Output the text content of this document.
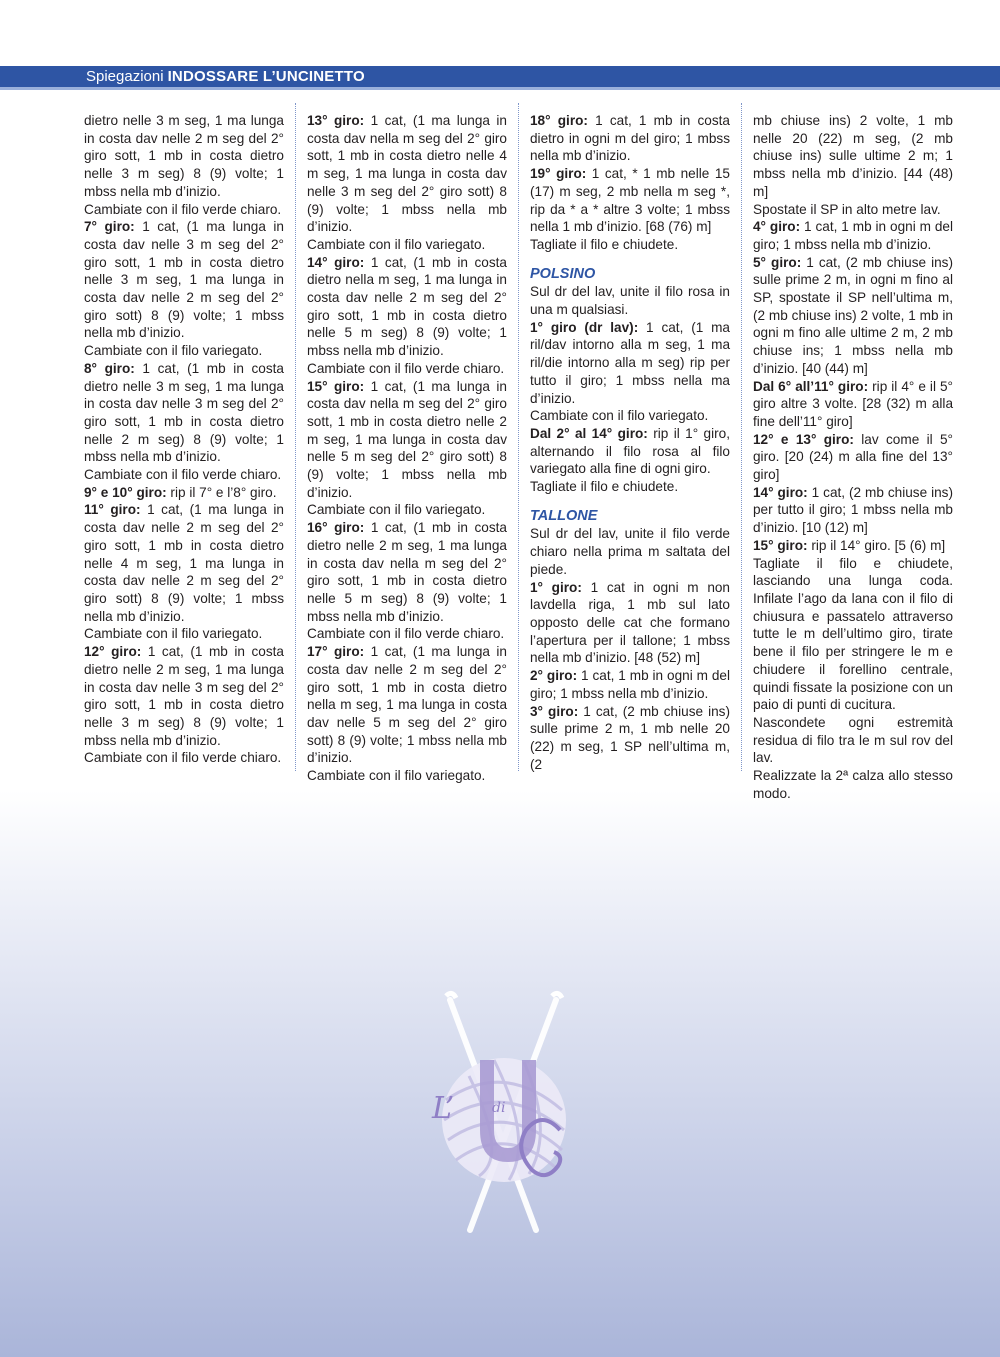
Spiegazioni INDOSSARE L’UNCINETTO

dietro nelle 3 m seg, 1 ma lunga in costa dav nelle 2 m seg del 2° giro sott, 1 mb in costa dietro nelle 3 m seg) 8 (9) volte; 1 mbss nella mb d’inizio.

Cambiate con il filo verde chiaro.

7° giro: 1 cat, (1 ma lunga in costa dav nelle 3 m seg del 2° giro sott, 1 mb in costa dietro nelle 3 m seg, 1 ma lunga in costa dav nelle 2 m seg del 2° giro sott) 8 (9) volte; 1 mbss nella mb d’inizio.

Cambiate con il filo variegato.

8° giro: 1 cat, (1 mb in costa dietro nelle 3 m seg, 1 ma lunga in costa dav nelle 3 m seg del 2° giro sott, 1 mb in costa dietro nelle 2 m seg) 8 (9) volte; 1 mbss nella mb d’inizio.

Cambiate con il filo verde chiaro.

9° e 10° giro: rip il 7° e l’8° giro.

11° giro: 1 cat, (1 ma lunga in costa dav nelle 2 m seg del 2° giro sott, 1 mb in costa dietro nelle 4 m seg, 1 ma lunga in costa dav nelle 2 m seg del 2° giro sott) 8 (9) volte; 1 mbss nella mb d’inizio.

Cambiate con il filo variegato.

12° giro: 1 cat, (1 mb in costa dietro nelle 2 m seg, 1 ma lunga in costa dav nelle 3 m seg del 2° giro sott, 1 mb in costa dietro nelle 3 m seg) 8 (9) volte; 1 mbss nella mb d’inizio.

Cambiate con il filo verde chiaro.

13° giro: 1 cat, (1 ma lunga in costa dav nella m seg del 2° giro sott, 1 mb in costa dietro nelle 4 m seg, 1 ma lunga in costa dav nelle 3 m seg del 2° giro sott) 8 (9) volte; 1 mbss nella mb d’inizio.

Cambiate con il filo variegato.

14° giro: 1 cat, (1 mb in costa dietro nella m seg, 1 ma lunga in costa dav nelle 2 m seg del 2° giro sott, 1 mb in costa dietro nelle 5 m seg) 8 (9) volte; 1 mbss nella mb d’inizio.

Cambiate con il filo verde chiaro.

15° giro: 1 cat, (1 ma lunga in costa dav nella m seg del 2° giro sott, 1 mb in costa dietro nelle 2 m seg, 1 ma lunga in costa dav nelle 5 m seg del 2° giro sott) 8 (9) volte; 1 mbss nella mb d’inizio.

Cambiate con il filo variegato.

16° giro: 1 cat, (1 mb in costa dietro nelle 2 m seg, 1 ma lunga in costa dav nella m seg del 2° giro sott, 1 mb in costa dietro nelle 5 m seg) 8 (9) volte; 1 mbss nella mb d’inizio.

Cambiate con il filo verde chiaro.

17° giro: 1 cat, (1 ma lunga in costa dav nelle 2 m seg del 2° giro sott, 1 mb in costa dietro nella m seg, 1 ma lunga in costa dav nelle 5 m seg del 2° giro sott) 8 (9) volte; 1 mbss nella mb d’inizio.

Cambiate con il filo variegato.

18° giro: 1 cat, 1 mb in costa dietro in ogni m del giro; 1 mbss nella mb d’inizio.

19° giro: 1 cat, * 1 mb nelle 15 (17) m seg, 2 mb nella m seg *, rip da * a * altre 3 volte; 1 mbss nella 1 mb d’inizio. [68 (76) m]

Tagliate il filo e chiudete.

POLSINO

Sul dr del lav, unite il filo rosa in una m qualsiasi.

1° giro (dr lav): 1 cat, (1 ma ril/dav intorno alla m seg, 1 ma ril/die intorno alla m seg) rip per tutto il giro; 1 mbss nella ma d’inizio.

Cambiate con il filo variegato.

Dal 2° al 14° giro: rip il 1° giro, alternando il filo rosa al filo variegato alla fine di ogni giro.

Tagliate il filo e chiudete.

TALLONE

Sul dr del lav, unite il filo verde chiaro nella prima m saltata del piede.

1° giro: 1 cat in ogni m non lavdella riga, 1 mb sul lato opposto delle cat che formano l’apertura per il tallone; 1 mbss nella mb d’inizio. [48 (52) m]

2° giro: 1 cat, 1 mb in ogni m del giro; 1 mbss nella mb d’inizio.

3° giro: 1 cat, (2 mb chiuse ins) sulle prime 2 m, 1 mb nelle 20 (22) m seg, 1 SP nell’ultima m, (2

mb chiuse ins) 2 volte, 1 mb nelle 20 (22) m seg, (2 mb chiuse ins) sulle ultime 2 m; 1 mbss nella mb d’inizio. [44 (48) m]

Spostate il SP in alto metre lav.

4° giro: 1 cat, 1 mb in ogni m del giro; 1 mbss nella mb d’inizio.

5° giro: 1 cat, (2 mb chiuse ins) sulle prime 2 m, in ogni m fino al SP, spostate il SP nell’ultima m, (2 mb chiuse ins) 2 volte, 1 mb in ogni m fino alle ultime 2 m, 2 mb chiuse ins; 1 mbss nella mb d’inizio. [40 (44) m]

Dal 6° all’11° giro: rip il 4° e il 5° giro altre 3 volte. [28 (32) m alla fine dell’11° giro]

12° e 13° giro: lav come il 5° giro. [20 (24) m alla fine del 13° giro]

14° giro: 1 cat, (2 mb chiuse ins) per tutto il giro; 1 mbss nella mb d’inizio. [10 (12) m]

15° giro: rip il 14° giro. [5 (6) m]

Tagliate il filo e chiudete, lasciando una lunga coda. Infilate l’ago da lana con il filo di chiusura e passatelo attraverso tutte le m dell’ultimo giro, tirate bene il filo per stringere le m e chiudere il forellino centrale, quindi fissate la posizione con un paio di punti di cucitura.

Nascondete ogni estremità residua di filo tra le m sul rov del lav.

Realizzate la 2ª calza allo stesso modo.

L’	di
